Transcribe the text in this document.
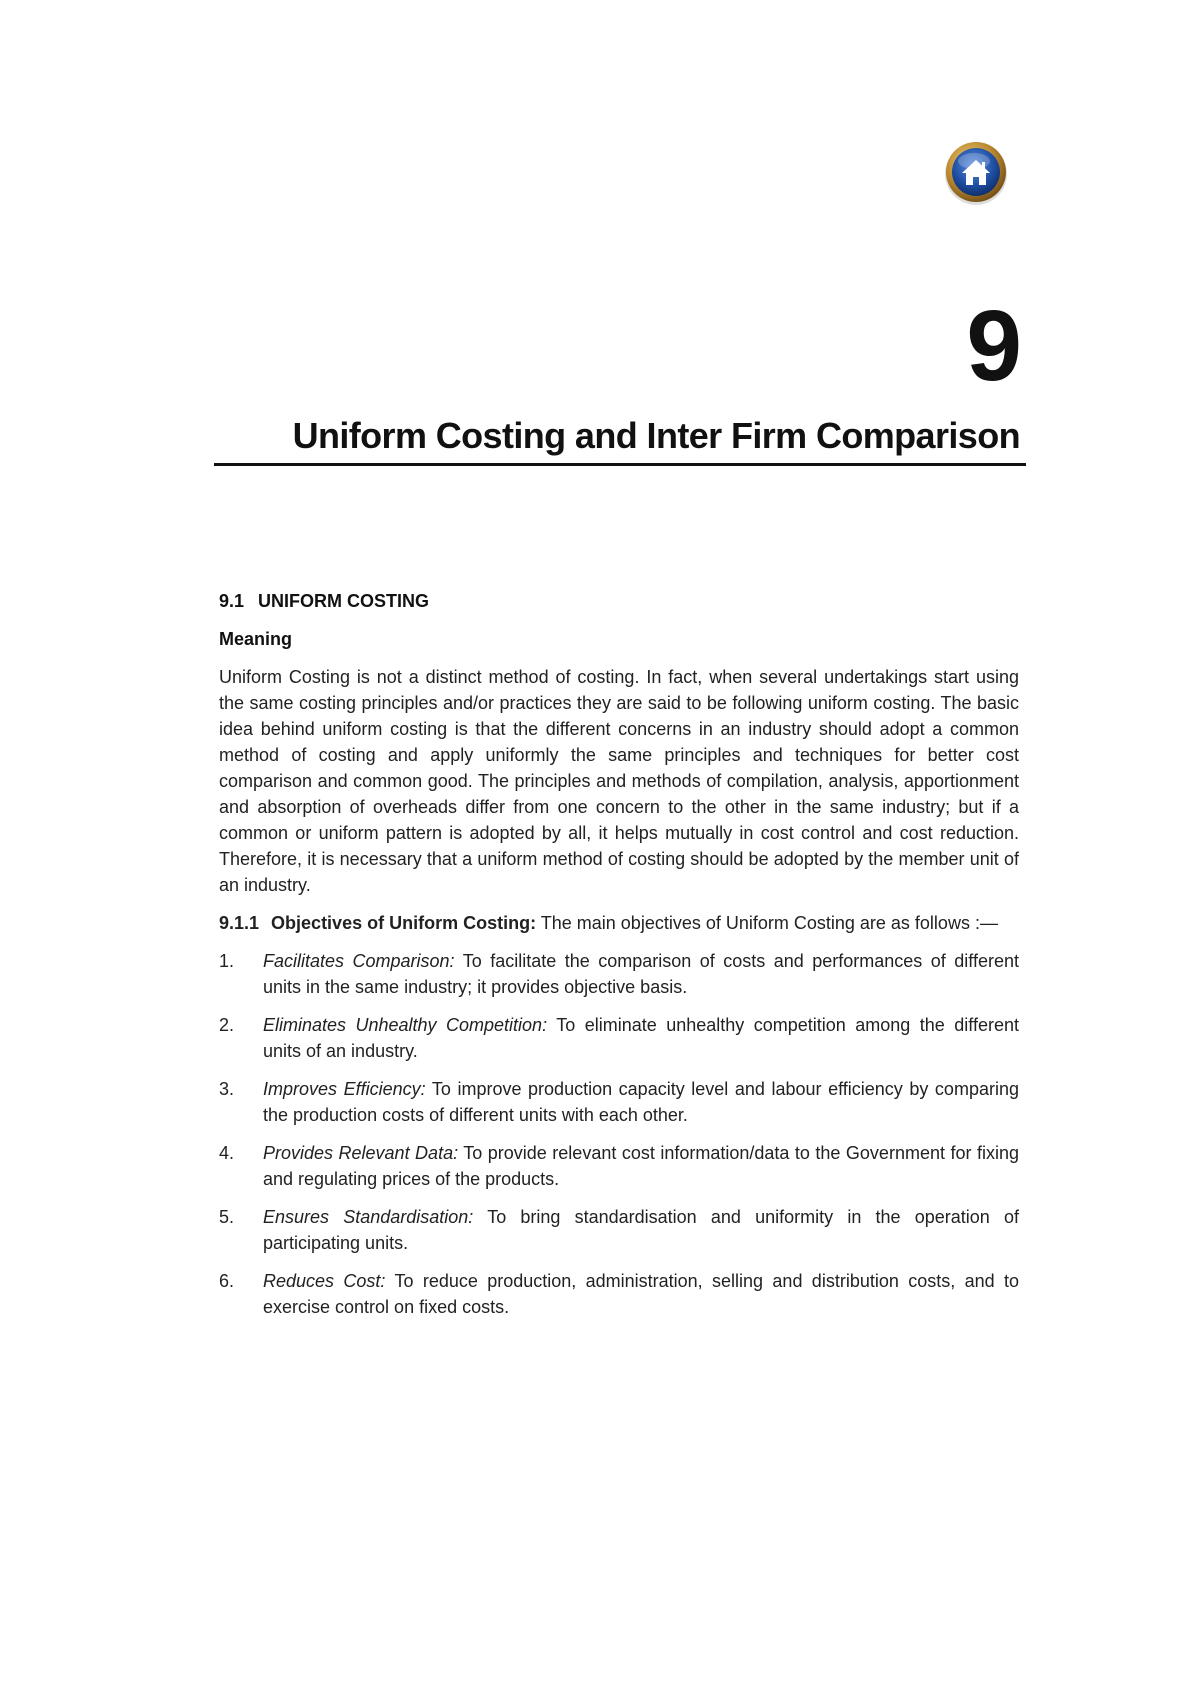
9
Uniform Costing and Inter Firm Comparison
9.1 UNIFORM COSTING
Meaning

Uniform Costing is not a distinct method of costing. In fact, when several undertakings start using the same costing principles and/or practices they are said to be following uniform costing. The basic idea behind uniform costing is that the different concerns in an industry should adopt a common method of costing and apply uniformly the same principles and techniques for better cost comparison and common good. The principles and methods of compilation, analysis, apportionment and absorption of overheads differ from one concern to the other in the same industry; but if a common or uniform pattern is adopted by all, it helps mutually in cost control and cost reduction. Therefore, it is necessary that a uniform method of costing should be adopted by the member unit of an industry.

9.1.1 Objectives of Uniform Costing: The main objectives of Uniform Costing are as follows :—

1. Facilitates Comparison: To facilitate the comparison of costs and performances of different units in the same industry; it provides objective basis.
2. Eliminates Unhealthy Competition: To eliminate unhealthy competition among the different units of an industry.
3. Improves Efficiency: To improve production capacity level and labour efficiency by comparing the production costs of different units with each other.
4. Provides Relevant Data: To provide relevant cost information/data to the Government for fixing and regulating prices of the products.
5. Ensures Standardisation: To bring standardisation and uniformity in the operation of participating units.
6. Reduces Cost: To reduce production, administration, selling and distribution costs, and to exercise control on fixed costs.
